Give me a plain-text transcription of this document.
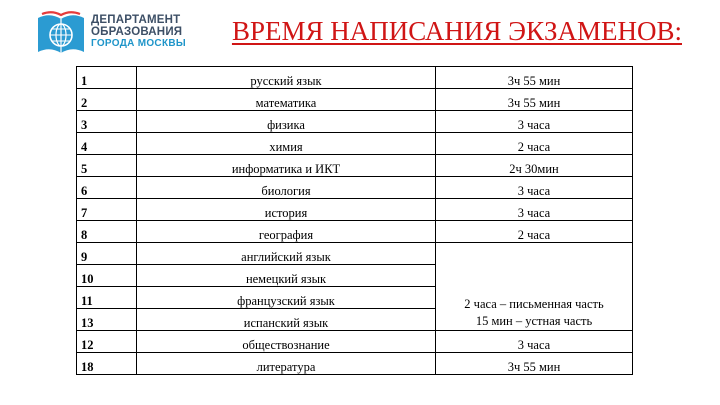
ДЕПАРТАМЕНТ
ОБРАЗОВАНИЯ
ГОРОДА МОСКВЫ	ВРЕМЯ НАПИСАНИЯ ЭКЗАМЕНОВ:
1	русский язык	3ч 55 мин
2	математика	3ч 55 мин
3	физика	3 часа
4	химия	2 часа
5	информатика и ИКТ	2ч 30мин
6	биология	3 часа
7	история	3 часа
8	география	2 часа
9	английский язык	2 часа – письменная часть
15 мин – устная часть

10	немецкий язык	
11	французский язык	
13	испанский язык	
12	обществознание	3 часа
18	литература	3ч 55 мин
